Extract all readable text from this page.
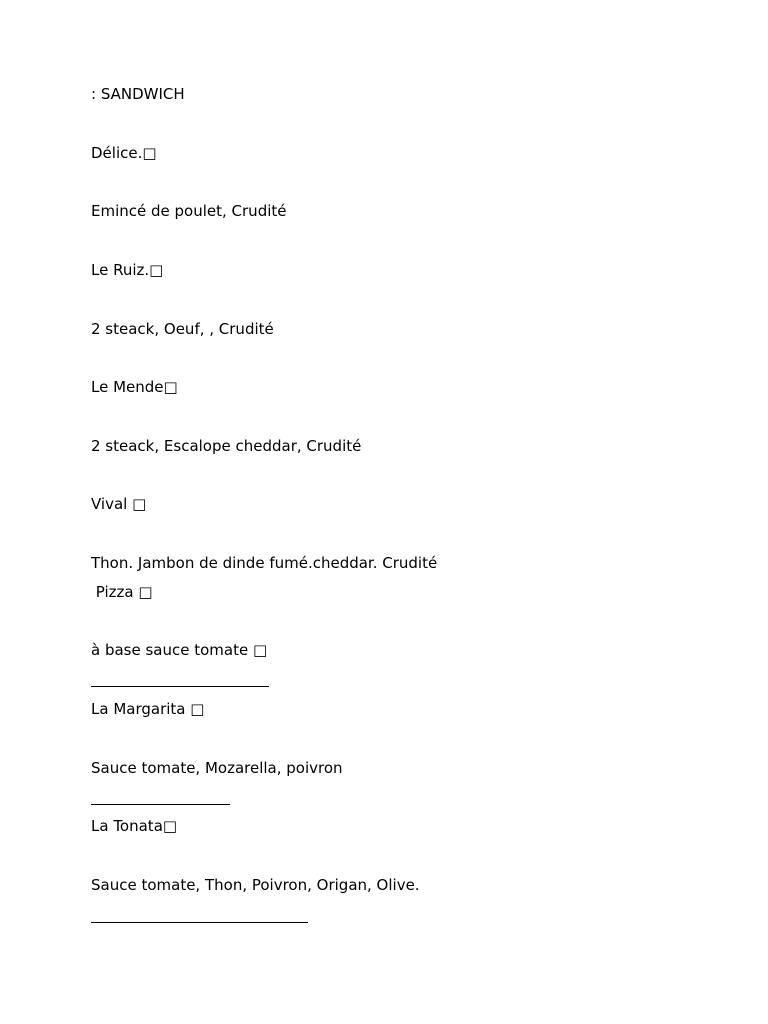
: SANDWICH
Délice.□
Emincé de poulet, Crudité
Le Ruiz.□
2 steack, Oeuf, , Crudité
Le Mende□
2 steack, Escalope cheddar, Crudité
Vival □
Thon. Jambon de dinde fumé.cheddar. Crudité
Pizza □
à base sauce tomate □
La Margarita □
Sauce tomate, Mozarella, poivron
La Tonata□
Sauce tomate, Thon, Poivron, Origan, Olive.
